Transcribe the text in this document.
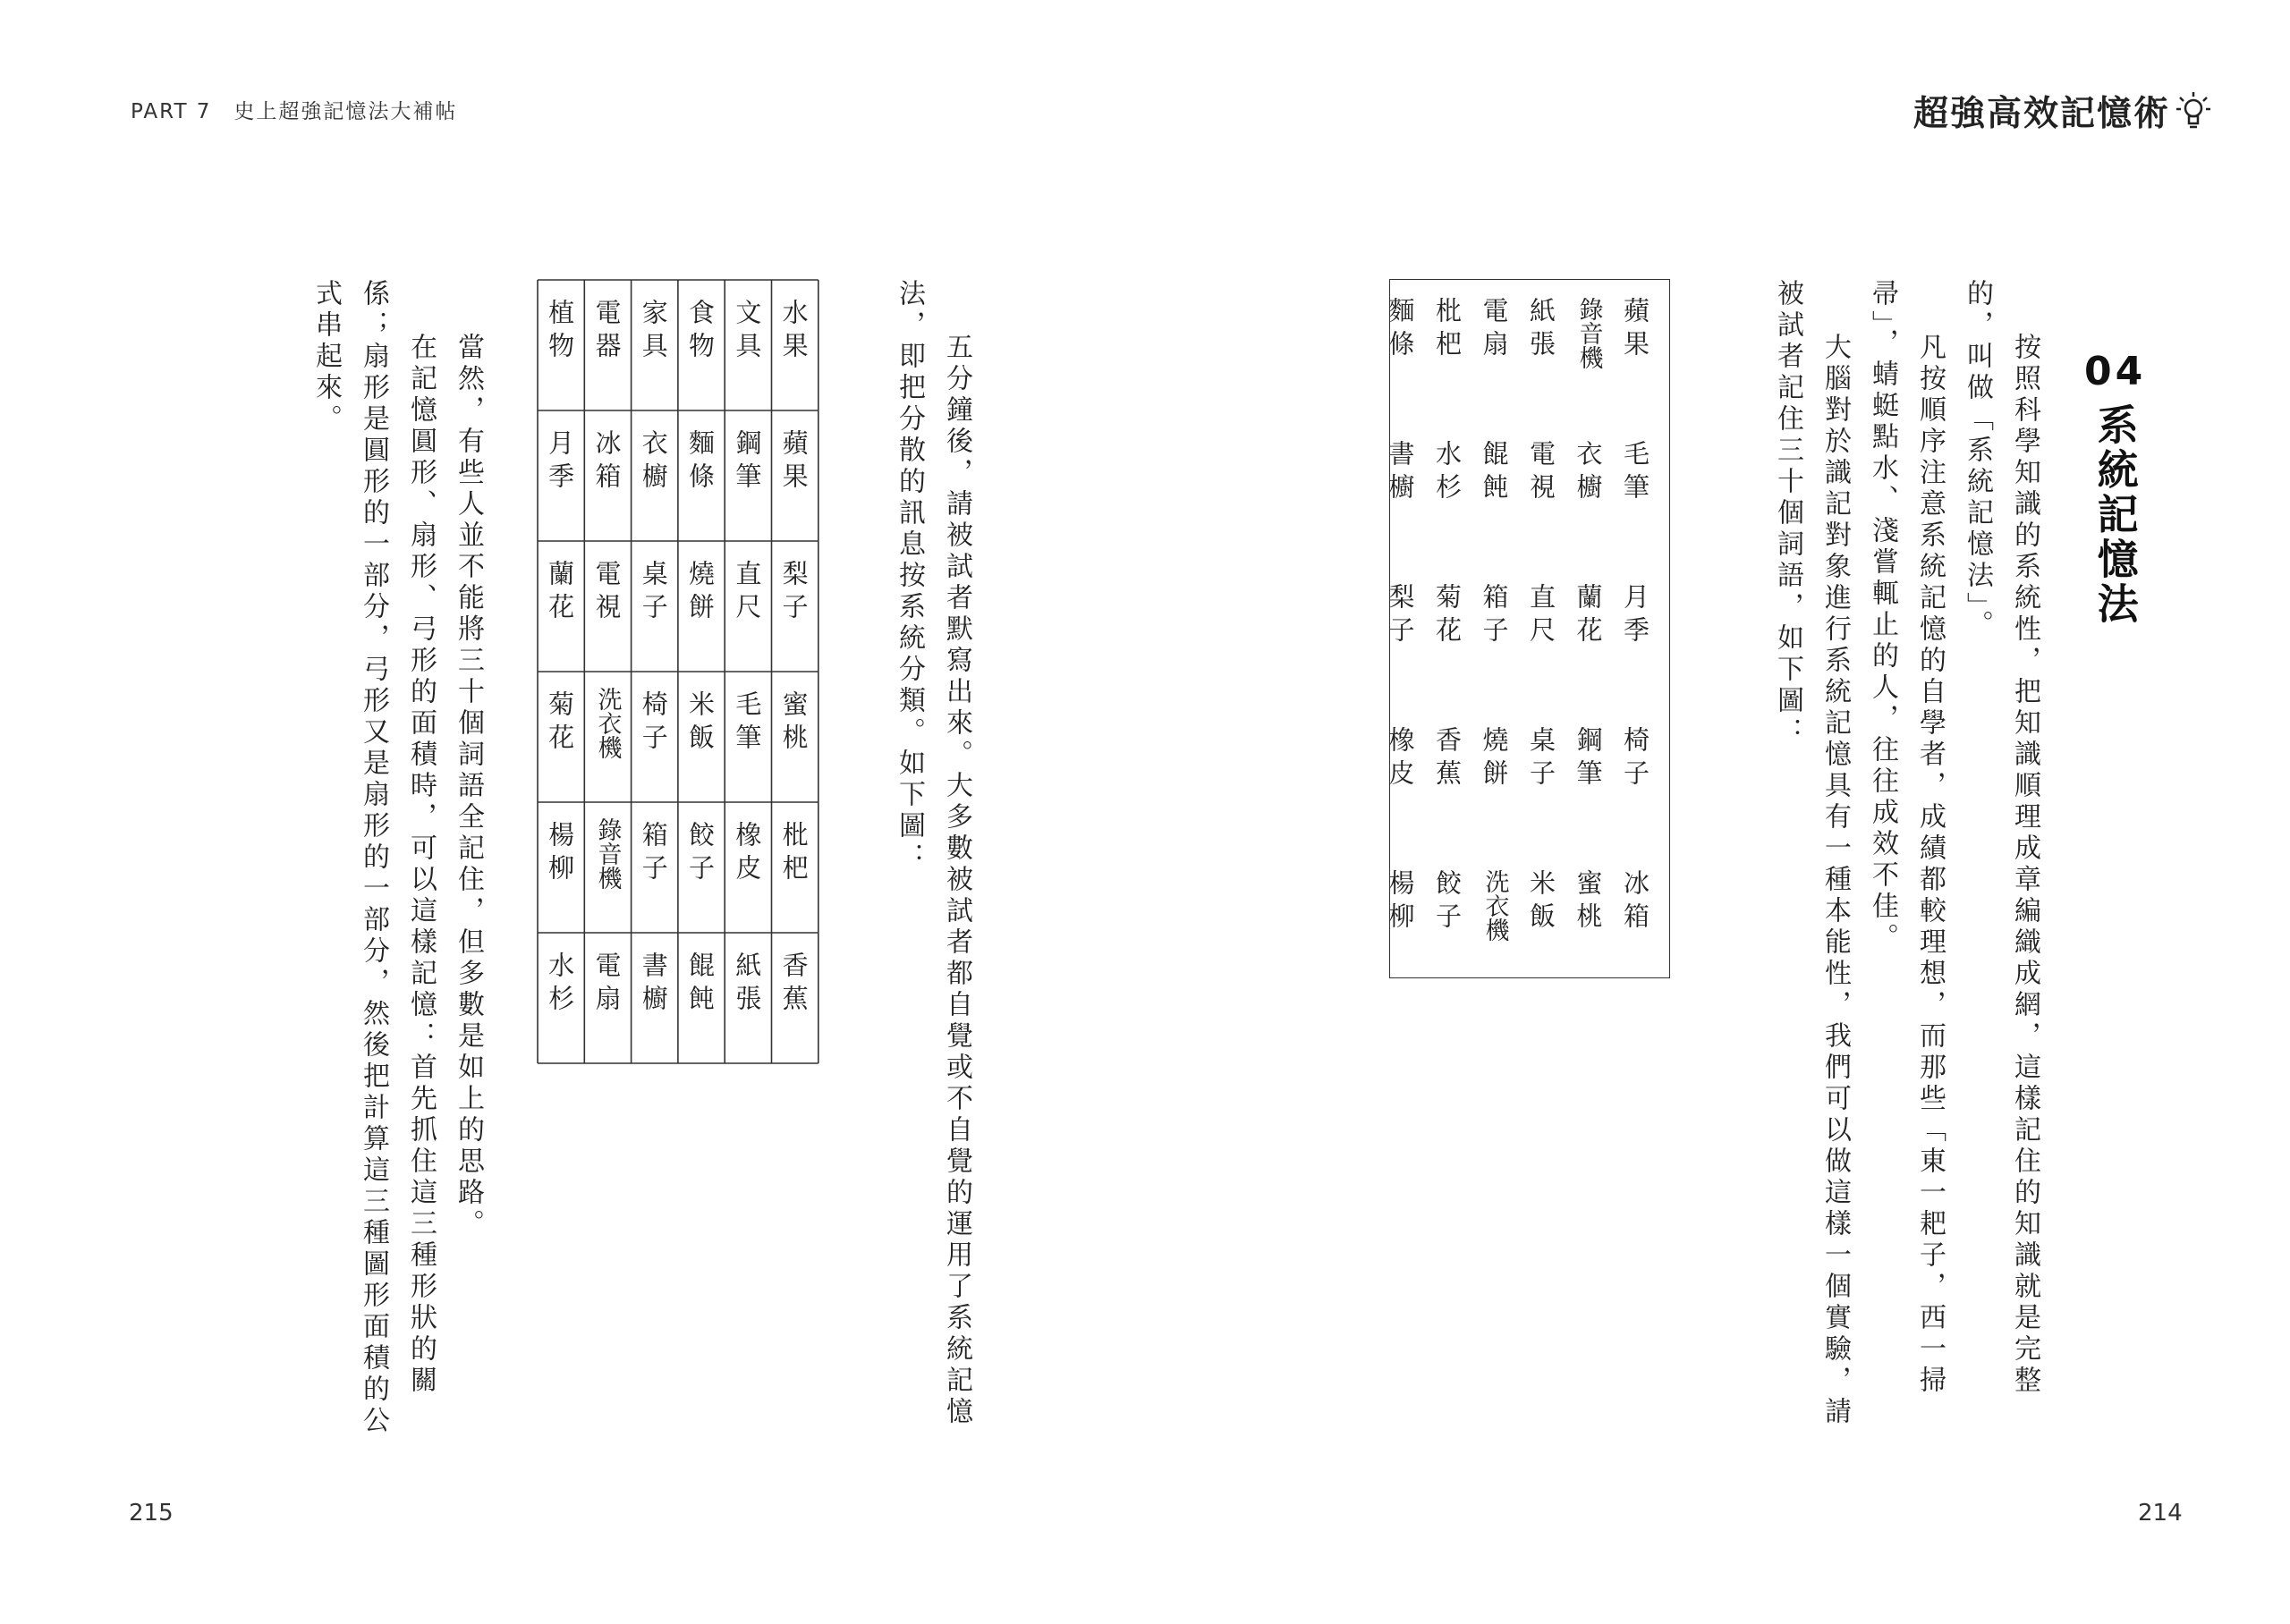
PART 7　史上超強記憶法大補帖	超強高效記憶術
215	214
04系統記憶法

按照科學知識的系統性，把知識順理成章編織成網，這樣記住的知識就是完整的，叫做「系統記憶法」。

凡按順序注意系統記憶的自學者，成績都較理想，而那些「東一耙子，西一掃帚」，蜻蜓點水、淺嘗輒止的人，往往成效不佳。

大腦對於識記對象進行系統記憶具有一種本能性，我們可以做這樣一個實驗，請被試者記住三十個詞語，如下圖：

蘋果
毛筆
月季
椅子
冰箱
錄音機
衣櫥
蘭花
鋼筆
蜜桃
紙張
電視
直尺
桌子
米飯
電扇
餛飩
箱子
燒餅
洗衣機
枇杷
水杉
菊花
香蕉
餃子
麵條
書櫥
梨子
橡皮
楊柳

五分鐘後，請被試者默寫出來。大多數被試者都自覺或不自覺的運用了系統記憶法，即把分散的訊息按系統分類。如下圖：

水果
蘋果
梨子
蜜桃
枇杷
香蕉
文具
鋼筆
直尺
毛筆
橡皮
紙張
食物
麵條
燒餅
米飯
餃子
餛飩
家具
衣櫥
桌子
椅子
箱子
書櫥
電器
冰箱
電視
洗衣機
錄音機
電扇
植物
月季
蘭花
菊花
楊柳
水杉

當然，有些人並不能將三十個詞語全記住，但多數是如上的思路。

在記憶圓形、扇形、弓形的面積時，可以這樣記憶：首先抓住這三種形狀的關係；扇形是圓形的一部分，弓形又是扇形的一部分，然後把計算這三種圖形面積的公式串起來。
